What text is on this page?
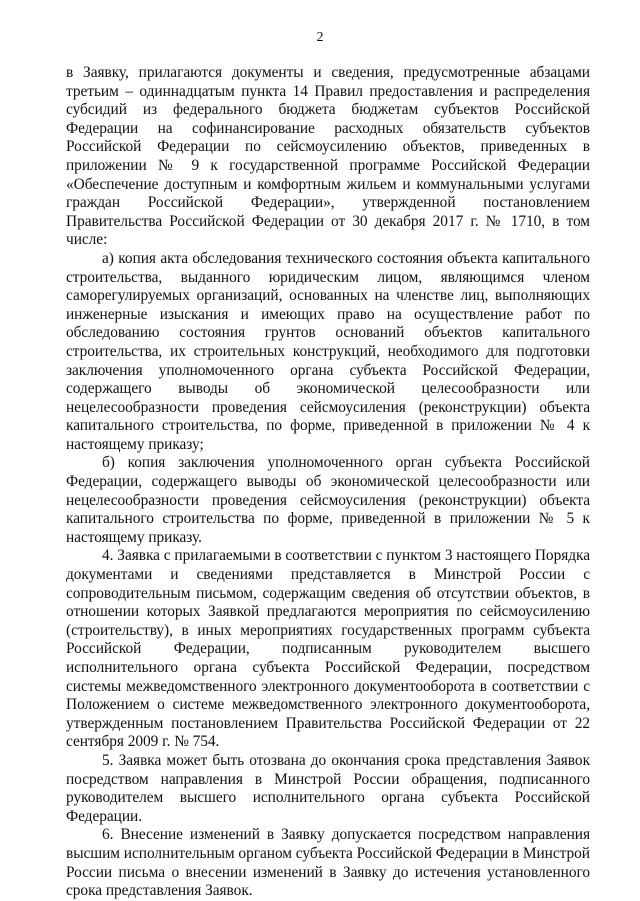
2

в Заявку, прилагаются документы и сведения, предусмотренные абзацами третьим – одиннадцатым пункта 14 Правил предоставления и распределения субсидий из федерального бюджета бюджетам субъектов Российской Федерации на софинансирование расходных обязательств субъектов Российской Федерации по сейсмоусилению объектов, приведенных в приложении № 9 к государственной программе Российской Федерации «Обеспечение доступным и комфортным жильем и коммунальными услугами граждан Российской Федерации», утвержденной постановлением Правительства Российской Федерации от 30 декабря 2017 г. № 1710, в том числе:

а) копия акта обследования технического состояния объекта капитального строительства, выданного юридическим лицом, являющимся членом саморегулируемых организаций, основанных на членстве лиц, выполняющих инженерные изыскания и имеющих право на осуществление работ по обследованию состояния грунтов оснований объектов капитального строительства, их строительных конструкций, необходимого для подготовки заключения уполномоченного органа субъекта Российской Федерации, содержащего выводы об экономической целесообразности или нецелесообразности проведения сейсмоусиления (реконструкции) объекта капитального строительства, по форме, приведенной в приложении № 4 к настоящему приказу;

б) копия заключения уполномоченного орган субъекта Российской Федерации, содержащего выводы об экономической целесообразности или нецелесообразности проведения сейсмоусиления (реконструкции) объекта капитального строительства по форме, приведенной в приложении № 5 к настоящему приказу.

4. Заявка с прилагаемыми в соответствии с пунктом 3 настоящего Порядка документами и сведениями представляется в Минстрой России с сопроводительным письмом, содержащим сведения об отсутствии объектов, в отношении которых Заявкой предлагаются мероприятия по сейсмоусилению (строительству), в иных мероприятиях государственных программ субъекта Российской Федерации, подписанным руководителем высшего исполнительного органа субъекта Российской Федерации, посредством системы межведомственного электронного документооборота в соответствии с Положением о системе межведомственного электронного документооборота, утвержденным постановлением Правительства Российской Федерации от 22 сентября 2009 г. № 754.

5. Заявка может быть отозвана до окончания срока представления Заявок посредством направления в Минстрой России обращения, подписанного руководителем высшего исполнительного органа субъекта Российской Федерации.

6. Внесение изменений в Заявку допускается посредством направления высшим исполнительным органом субъекта Российской Федерации в Минстрой России письма о внесении изменений в Заявку до истечения установленного срока представления Заявок.
